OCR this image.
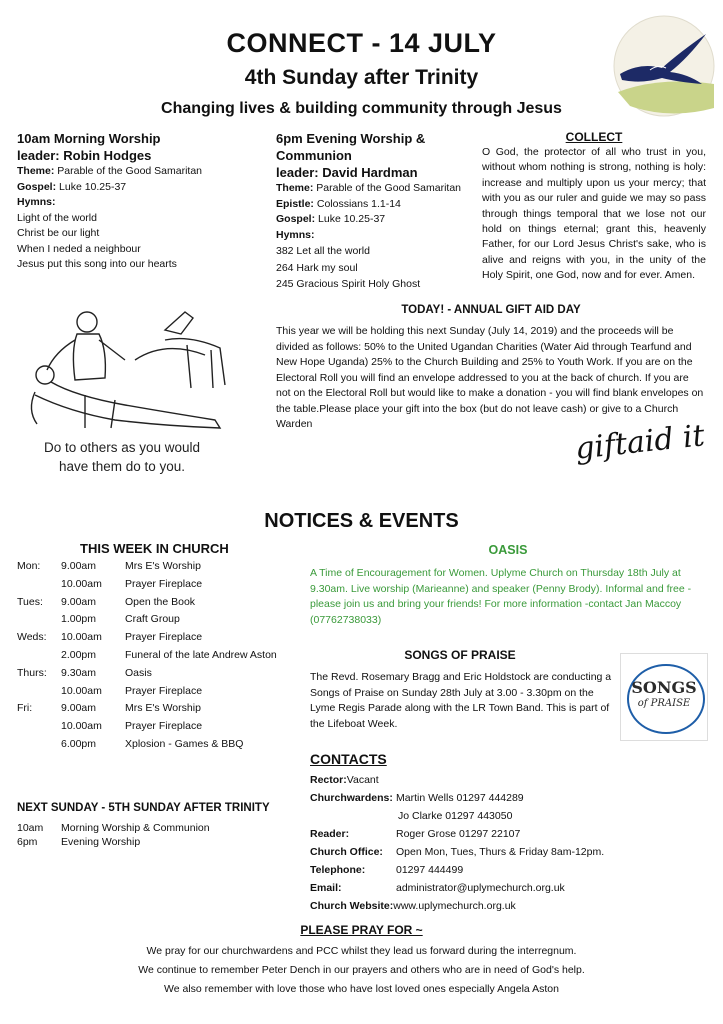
CONNECT - 14 JULY
4th Sunday after Trinity
Changing lives & building community through Jesus
10am Morning Worship
leader: Robin Hodges
Theme: Parable of the Good Samaritan
Gospel: Luke 10.25-37
Hymns:
Light of the world
Christ be our light
When I neded a neighbour
Jesus put this song into our hearts
6pm Evening Worship &
Communion
leader: David Hardman
Theme: Parable of the Good Samaritan
Epistle: Colossians 1.1-14
Gospel: Luke 10.25-37
Hymns:
382 Let all the world
264 Hark my soul
245 Gracious Spirit Holy Ghost
COLLECT
O God, the protector of all who trust in you, without whom nothing is strong, nothing is holy: increase and multiply upon us your mercy; that with you as our ruler and guide we may so pass through things temporal that we lose not our hold on things eternal; grant this, heavenly Father, for our Lord Jesus Christ's sake, who is alive and reigns with you, in the unity of the Holy Spirit, one God, now and for ever. Amen.
Do to others as you would
have them do to you.
TODAY! - ANNUAL GIFT AID DAY
This year we will be holding this next Sunday (July 14, 2019) and the proceeds will be divided as follows: 50% to the United Ugandan Charities (Water Aid through Tearfund and New Hope Uganda) 25% to the Church Building and 25% to Youth Work. If you are on the Electoral Roll you will find an envelope addressed to you at the back of church. If you are not on the Electoral Roll but would like to make a donation - you will find blank envelopes on the table.Please place your gift into the box (but do not leave cash) or give to a Church Warden	giftaid it
NOTICES & EVENTS
THIS WEEK IN CHURCH
Mon: 9.00am	Mrs E's Worship
10.00am Prayer Fireplace
Tues: 9.00am	Open the Book
1.00pm	Craft Group
Weds: 10.00am Prayer Fireplace
2.00pm	Funeral of the late Andrew Aston
Thurs: 9.30am	Oasis
10.00am Prayer Fireplace
Fri:	9.00am	Mrs E's Worship
10.00am Prayer Fireplace
6.00pm	Xplosion - Games & BBQ
NEXT SUNDAY - 5TH SUNDAY AFTER TRINITY
10am Morning Worship & Communion
6pm Evening Worship
OASIS
A Time of Encouragement for Women. Uplyme Church on Thursday 18th July at 9.30am. Live worship (Marieanne) and speaker (Penny Brody). Informal and free -please join us and bring your friends! For more information -contact Jan Maccoy (07762738033)
SONGS OF PRAISE
The Revd. Rosemary Bragg and Eric Holdstock are conducting a Songs of Praise on Sunday 28th July at 3.00 - 3.30pm on the Lyme Regis Parade along with the LR Town Band. This is part of the Lifeboat Week.
SONGS
of PRAISE
CONTACTS
Rector: Vacant
Churchwardens: Martin Wells 01297 444289
Jo Clarke 01297 443050
Reader:	Roger Grose 01297 22107
Church Office: Open Mon, Tues, Thurs & Friday 8am-12pm.
Telephone:	01297 444499
Email:	administrator@uplymechurch.org.uk
Church Website: www.uplymechurch.org.uk
PLEASE PRAY FOR ~
We pray for our churchwardens and PCC whilst they lead us forward during the interregnum.
We continue to remember Peter Dench in our prayers and others who are in need of God's help.
We also remember with love those who have lost loved ones especially Angela Aston
